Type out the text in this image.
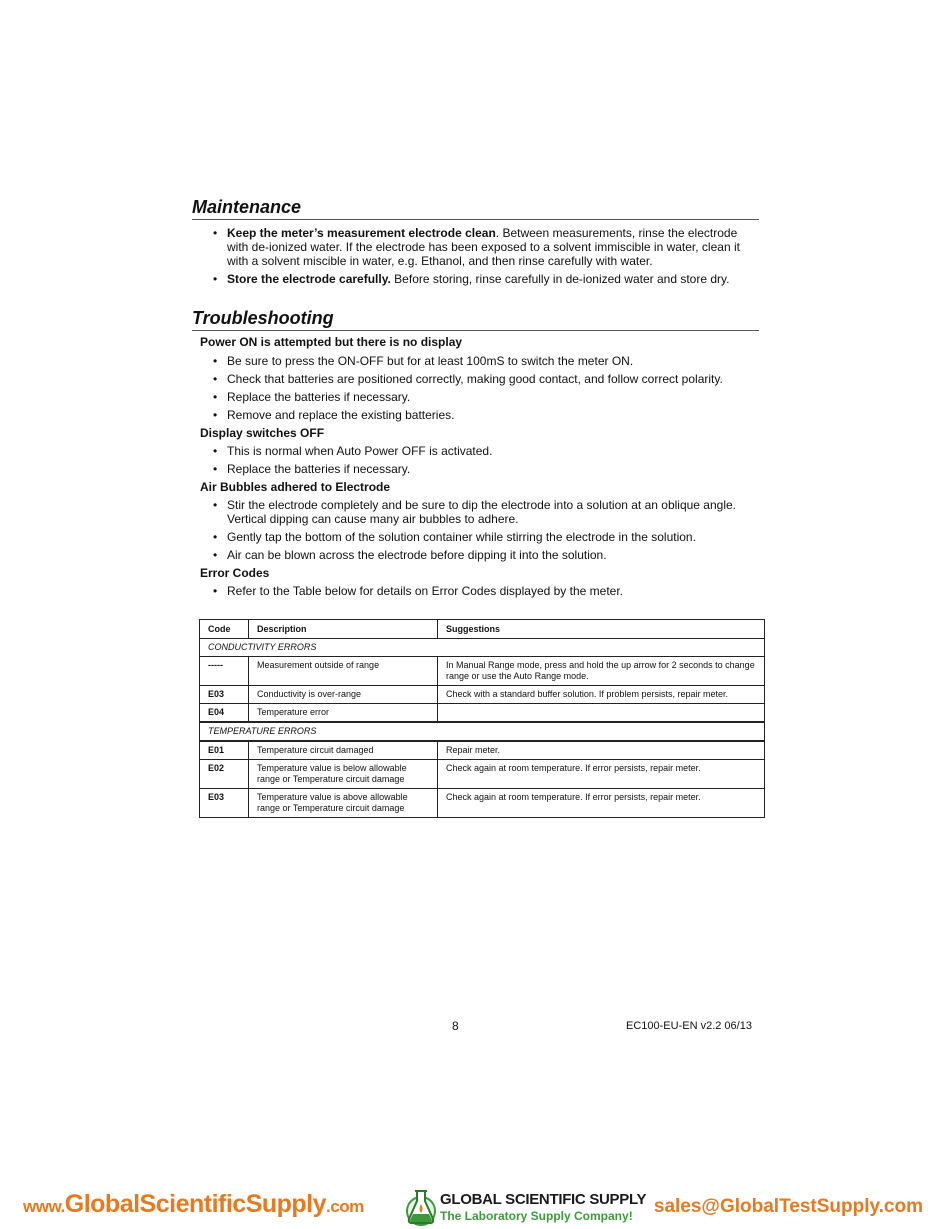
Maintenance
• Keep the meter’s measurement electrode clean. Between measurements, rinse the electrode with de-ionized water. If the electrode has been exposed to a solvent immiscible in water, clean it with a solvent miscible in water, e.g. Ethanol, and then rinse carefully with water.
• Store the electrode carefully. Before storing, rinse carefully in de-ionized water and store dry.
Troubleshooting
Power ON is attempted but there is no display
• Be sure to press the ON-OFF but for at least 100mS to switch the meter ON.
• Check that batteries are positioned correctly, making good contact, and follow correct polarity.
• Replace the batteries if necessary.
• Remove and replace the existing batteries.
Display switches OFF
• This is normal when Auto Power OFF is activated.
• Replace the batteries if necessary.
Air Bubbles adhered to Electrode
• Stir the electrode completely and be sure to dip the electrode into a solution at an oblique angle. Vertical dipping can cause many air bubbles to adhere.
• Gently tap the bottom of the solution container while stirring the electrode in the solution.
• Air can be blown across the electrode before dipping it into the solution.
Error Codes
• Refer to the Table below for details on Error Codes displayed by the meter.
Code	Description	Suggestions
CONDUCTIVITY ERRORS		
-----	Measurement outside of range	In Manual Range mode, press and hold the up arrow for 2 seconds to change range or use the Auto Range mode.
E03	Conductivity is over-range	Check with a standard buffer solution. If problem persists, repair meter.
E04	Temperature error	
TEMPERATURE ERRORS		
E01	Temperature circuit damaged	Repair meter.
E02	Temperature value is below allowable range or Temperature circuit damage	Check again at room temperature. If error persists, repair meter.
E03	Temperature value is above allowable range or Temperature circuit damage	Check again at room temperature. If error persists, repair meter.
8	EC100-EU-EN v2.2 06/13
www.GlobalScientificSupply.com	GLOBAL SCIENTIFIC SUPPLY
The Laboratory Supply Company! sales@GlobalTestSupply.com
